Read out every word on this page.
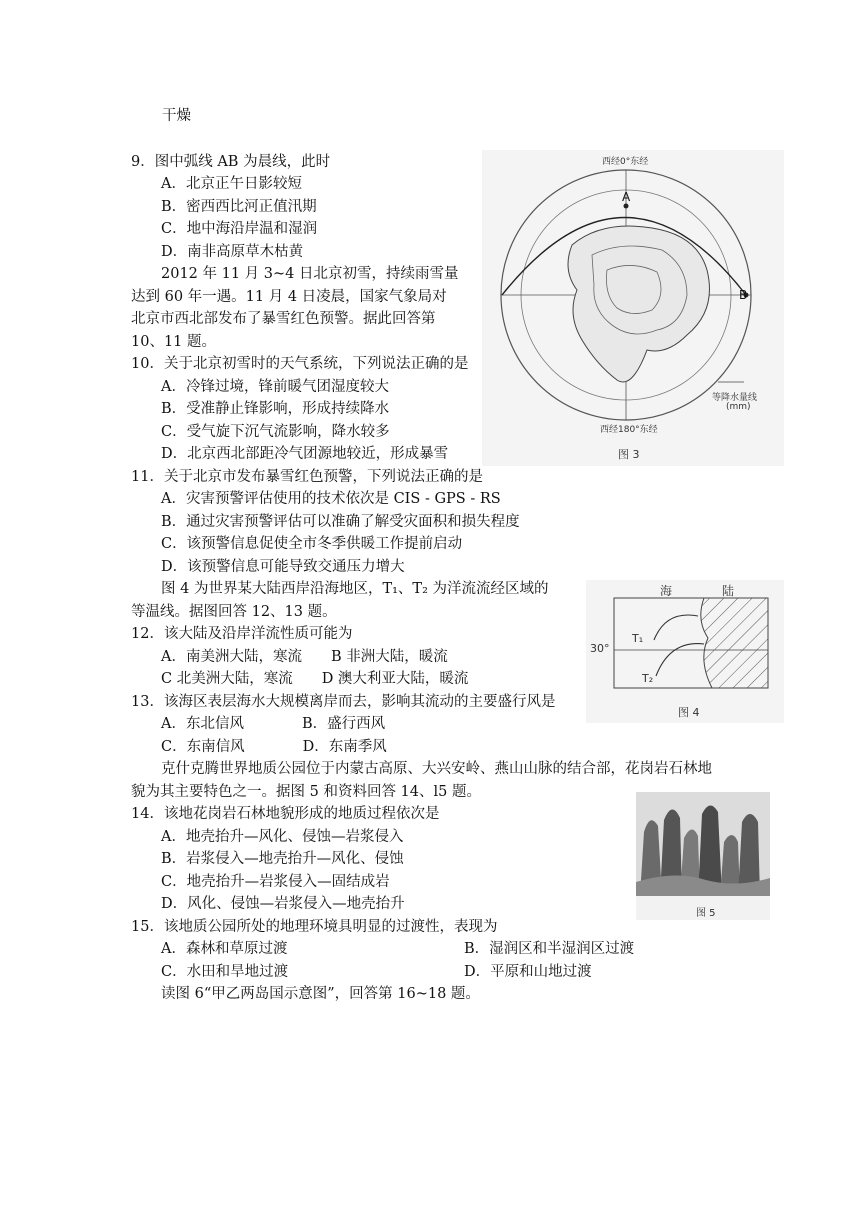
干燥
9．图中弧线 AB 为晨线，此时
A．北京正午日影较短
B．密西西比河正值汛期
C．地中海沿岸温和湿润
D．南非高原草木枯黄
2012 年 11 月 3~4 日北京初雪，持续雨雪量
达到 60 年一遇。11 月 4 日凌晨，国家气象局对
北京市西北部发布了暴雪红色预警。据此回答第
10、11 题。
10．关于北京初雪时的天气系统，下列说法正确的是
A．冷锋过境，锋前暖气团湿度较大
B．受准静止锋影响，形成持续降水
C．受气旋下沉气流影响，降水较多
D．北京西北部距冷气团源地较近，形成暴雪
11．关于北京市发布暴雪红色预警，下列说法正确的是
A．灾害预警评估使用的技术依次是 CIS - GPS - RS
B．通过灾害预警评估可以准确了解受灾面积和损失程度
C．该预警信息促使全市冬季供暖工作提前启动
D．该预警信息可能导致交通压力增大
图 4 为世界某大陆西岸沿海地区，T₁、T₂ 为洋流流经区域的
等温线。据图回答 12、13 题。
12．该大陆及沿岸洋流性质可能为
A．南美洲大陆，寒流　　B 非洲大陆，暖流
C 北美洲大陆，寒流　　D 澳大利亚大陆，暖流
13．该海区表层海水大规模离岸而去，影响其流动的主要盛行风是
A．东北信风　　　　B．盛行西风
C．东南信风　　　　D．东南季风
克什克腾世界地质公园位于内蒙古高原、大兴安岭、燕山山脉的结合部，花岗岩石林地
貌为其主要特色之一。据图 5 和资料回答 14、l5 题。
14．该地花岗岩石林地貌形成的地质过程依次是
A．地壳抬升—风化、侵蚀—岩浆侵入
B．岩浆侵入—地壳抬升—风化、侵蚀
C．地壳抬升—岩浆侵入—固结成岩
D．风化、侵蚀—岩浆侵入—地壳抬升
15．该地质公园所处的地理环境具明显的过渡性，表现为
A．森林和草原过渡	B．湿润区和半湿润区过渡
C．水田和旱地过渡	D．平原和山地过渡
读图 6“甲乙两岛国示意图”，回答第 16~18 题。
西经0°东经
西经180°东经
A
B
等降水量线
(mm)
图 3
海	陆
30°
T₁
T₂
图 4
图 5
